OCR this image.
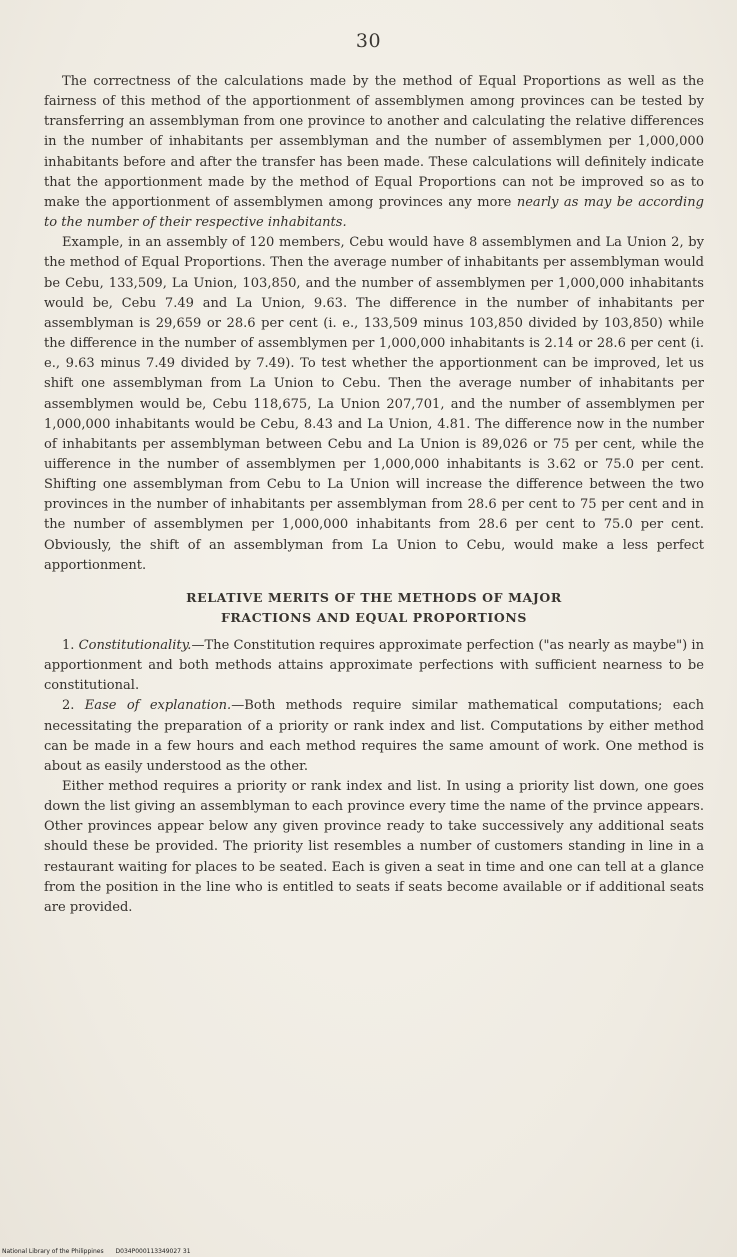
30

The correctness of the calculations made by the method of Equal Proportions as well as the fairness of this method of the apportionment of assemblymen among provinces can be tested by transferring an assemblyman from one province to another and calculating the relative differences in the number of inhabitants per assemblyman and the number of assemblymen per 1,000,000 inhabitants before and after the transfer has been made. These calculations will definitely indicate that the apportionment made by the method of Equal Proportions can not be improved so as to make the apportionment of assemblymen among provinces any more nearly as may be according to the number of their respective inhabitants.

Example, in an assembly of 120 members, Cebu would have 8 assemblymen and La Union 2, by the method of Equal Proportions. Then the average number of inhabitants per assemblyman would be Cebu, 133,509, La Union, 103,850, and the number of assemblymen per 1,000,000 inhabitants would be, Cebu 7.49 and La Union, 9.63. The difference in the number of inhabitants per assemblyman is 29,659 or 28.6 per cent (i. e., 133,509 minus 103,850 divided by 103,850) while the difference in the number of assemblymen per 1,000,000 inhabitants is 2.14 or 28.6 per cent (i. e., 9.63 minus 7.49 divided by 7.49). To test whether the apportionment can be improved, let us shift one assemblyman from La Union to Cebu. Then the average number of inhabitants per assemblymen would be, Cebu 118,675, La Union 207,701, and the number of assemblymen per 1,000,000 inhabitants would be Cebu, 8.43 and La Union, 4.81. The difference now in the number of inhabitants per assemblyman between Cebu and La Union is 89,026 or 75 per cent, while the uifference in the number of assemblymen per 1,000,000 inhabitants is 3.62 or 75.0 per cent. Shifting one assemblyman from Cebu to La Union will increase the difference between the two provinces in the number of inhabitants per assemblyman from 28.6 per cent to 75 per cent and in the number of assemblymen per 1,000,000 inhabitants from 28.6 per cent to 75.0 per cent. Obviously, the shift of an assemblyman from La Union to Cebu, would make a less perfect apportionment.

RELATIVE MERITS OF THE METHODS OF MAJOR
FRACTIONS AND EQUAL PROPORTIONS

1. Constitutionality.—The Constitution requires approximate perfection ("as nearly as maybe") in apportionment and both methods attains approximate perfections with sufficient nearness to be constitutional.

2. Ease of explanation.—Both methods require similar mathematical computations; each necessitating the preparation of a priority or rank index and list. Computations by either method can be made in a few hours and each method requires the same amount of work. One method is about as easily understood as the other.

Either method requires a priority or rank index and list. In using a priority list down, one goes down the list giving an assemblyman to each province every time the name of the prvince appears. Other provinces appear below any given province ready to take successively any additional seats should these be provided. The priority list resembles a number of customers standing in line in a restaurant waiting for places to be seated. Each is given a seat in time and one can tell at a glance from the position in the line who is entitled to seats if seats become available or if additional seats are provided.

National Library of the Philippines D034P000113349027 31
